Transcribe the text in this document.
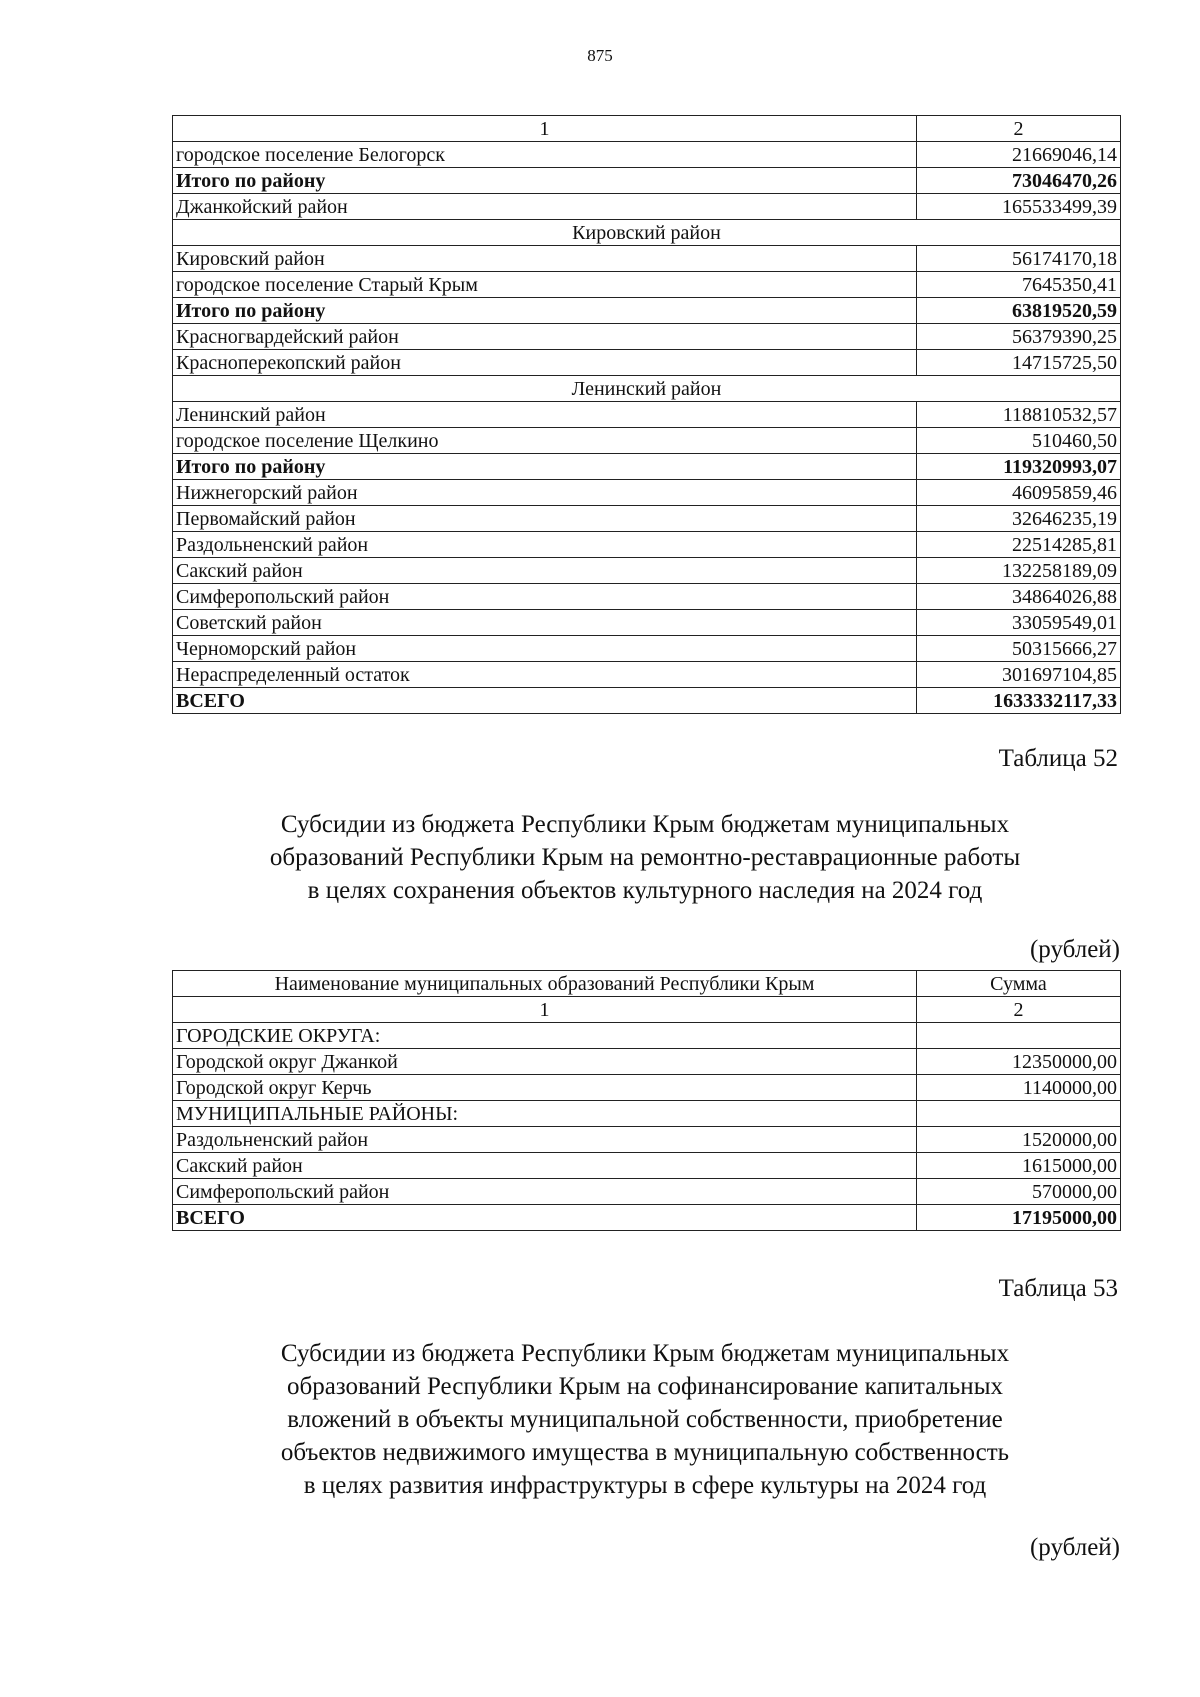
875
1	2
городское поселение Белогорск	21669046,14
Итого по району	73046470,26
Джанкойский район	165533499,39
Кировский район	
Кировский район	56174170,18
городское поселение Старый Крым	7645350,41
Итого по району	63819520,59
Красногвардейский район	56379390,25
Красноперекопский район	14715725,50
Ленинский район	
Ленинский район	118810532,57
городское поселение Щелкино	510460,50
Итого по району	119320993,07
Нижнегорский район	46095859,46
Первомайский район	32646235,19
Раздольненский район	22514285,81
Сакский район	132258189,09
Симферопольский район	34864026,88
Советский район	33059549,01
Черноморский район	50315666,27
Нераспределенный остаток	301697104,85
ВСЕГО	1633332117,33
Таблица 52
Субсидии из бюджета Республики Крым бюджетам муниципальных
образований Республики Крым на ремонтно-реставрационные работы
в целях сохранения объектов культурного наследия на 2024 год
(рублей)
Наименование муниципальных образований Республики Крым	Сумма
1	2
ГОРОДСКИЕ ОКРУГА:	
Городской округ Джанкой	12350000,00
Городской округ Керчь	1140000,00
МУНИЦИПАЛЬНЫЕ РАЙОНЫ:	
Раздольненский район	1520000,00
Сакский район	1615000,00
Симферопольский район	570000,00
ВСЕГО	17195000,00
Таблица 53
Субсидии из бюджета Республики Крым бюджетам муниципальных
образований Республики Крым на софинансирование капитальных
вложений в объекты муниципальной собственности, приобретение
объектов недвижимого имущества в муниципальную собственность
в целях развития инфраструктуры в сфере культуры на 2024 год
(рублей)
